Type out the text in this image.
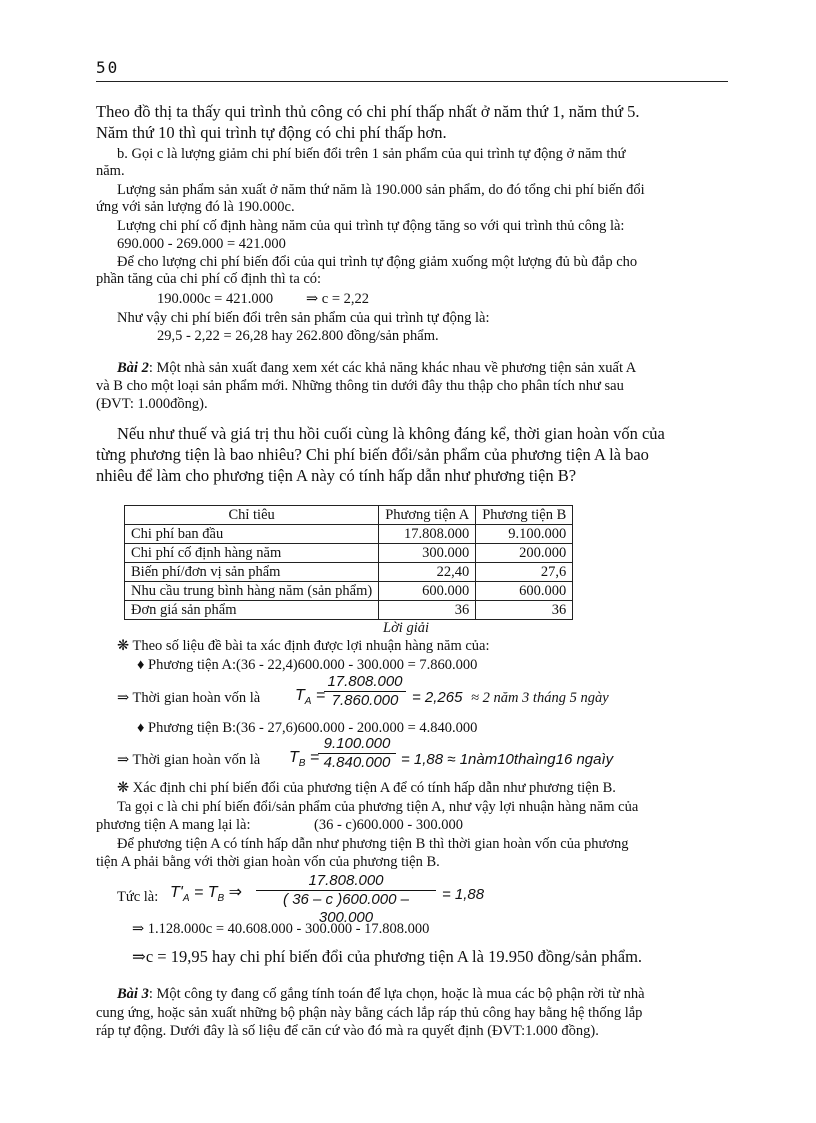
50
Theo đồ thị ta thấy qui trình thủ công có chi phí thấp nhất ở năm thứ 1, năm thứ 5.
Năm thứ 10 thì qui trình tự động có chi phí thấp hơn.
b. Gọi c là lượng giảm chi phí biến đổi trên 1 sản phẩm của qui trình tự động ở năm thứ
năm.
Lượng sản phẩm sản xuất ở năm thứ năm là 190.000 sản phẩm, do đó tổng chi phí biến đổi
ứng với sản lượng đó là 190.000c.
Lượng chi phí cố định hàng năm của qui trình tự động tăng so với qui trình thủ công là:
690.000 - 269.000 = 421.000
Để cho lượng chi phí biến đổi của qui trình tự động giảm xuống một lượng đủ bù đắp cho
phần tăng của chi phí cố định thì ta có:
190.000c = 421.000 ⇒ c = 2,22
Như vậy chi phí biến đổi trên sản phẩm của qui trình tự động là:
29,5 - 2,22 = 26,28 hay 262.800 đồng/sản phẩm.
Bài 2: Một nhà sản xuất đang xem xét các khả năng khác nhau về phương tiện sản xuất A
và B cho một loại sản phẩm mới. Những thông tin dưới đây thu thập cho phân tích như sau
(ĐVT: 1.000đồng).
Nếu như thuế và giá trị thu hồi cuối cùng là không đáng kể, thời gian hoàn vốn của
từng phương tiện là bao nhiêu? Chi phí biến đổi/sản phẩm của phương tiện A là bao
nhiêu để làm cho phương tiện A này có tính hấp dẫn như phương tiện B?
Chỉ tiêu	Phương tiện A	Phương tiện B
Chi phí ban đầu	17.808.000	9.100.000
Chi phí cố định hàng năm	300.000	200.000
Biến phí/đơn vị sản phẩm	22,40	27,6
Nhu cầu trung bình hàng năm (sản phẩm)	600.000	600.000
Đơn giá sản phẩm	36	36
Lời giải
❋ Theo số liệu đề bài ta xác định được lợi nhuận hàng năm của:
♦ Phương tiện A:(36 - 22,4)600.000 - 300.000 = 7.860.000
⇒ Thời gian hoàn vốn là $T_A$ =
$\frac{17.808.000}{7.860.000} = 2,265 \approx 2$ năm 3 tháng 5 ngày
♦ Phương tiện B:(36 - 27,6)600.000 - 200.000 = 4.840.000
⇒ Thời gian hoàn vốn là $T_B$ =
$\frac{9.100.000}{4.840.000} = 1,88$ ≈ 1nàm10thaìng16 ngaìy
❋ Xác định chi phí biến đổi của phương tiện A để có tính hấp dẫn như phương tiện B.
Ta gọi c là chi phí biến đổi/sản phẩm của phương tiện A, như vậy lợi nhuận hàng năm của
phương tiện A mang lại là:	(36 - c)600.000 - 300.000
Để phương tiện A có tính hấp dẫn như phương tiện B thì thời gian hoàn vốn của phương
tiện A phải bằng với thời gian hoàn vốn của phương tiện B.
Tức là: $T'_A = T_B$ ⇒ $\frac{17.808.000}{( 36 - c )600.000 - 300.000} = 1,88$
⇒ 1.128.000c = 40.608.000 - 300.000 - 17.808.000
⇒c = 19,95 hay chi phí biến đổi của phương tiện A là 19.950 đồng/sản phẩm.
Bài 3: Một công ty đang cố gắng tính toán để lựa chọn, hoặc là mua các bộ phận rời từ nhà
cung ứng, hoặc sản xuất những bộ phận này bằng cách lắp ráp thủ công hay bằng hệ thống lắp
ráp tự động. Dưới đây là số liệu để căn cứ vào đó mà ra quyết định (ĐVT:1.000 đồng).
